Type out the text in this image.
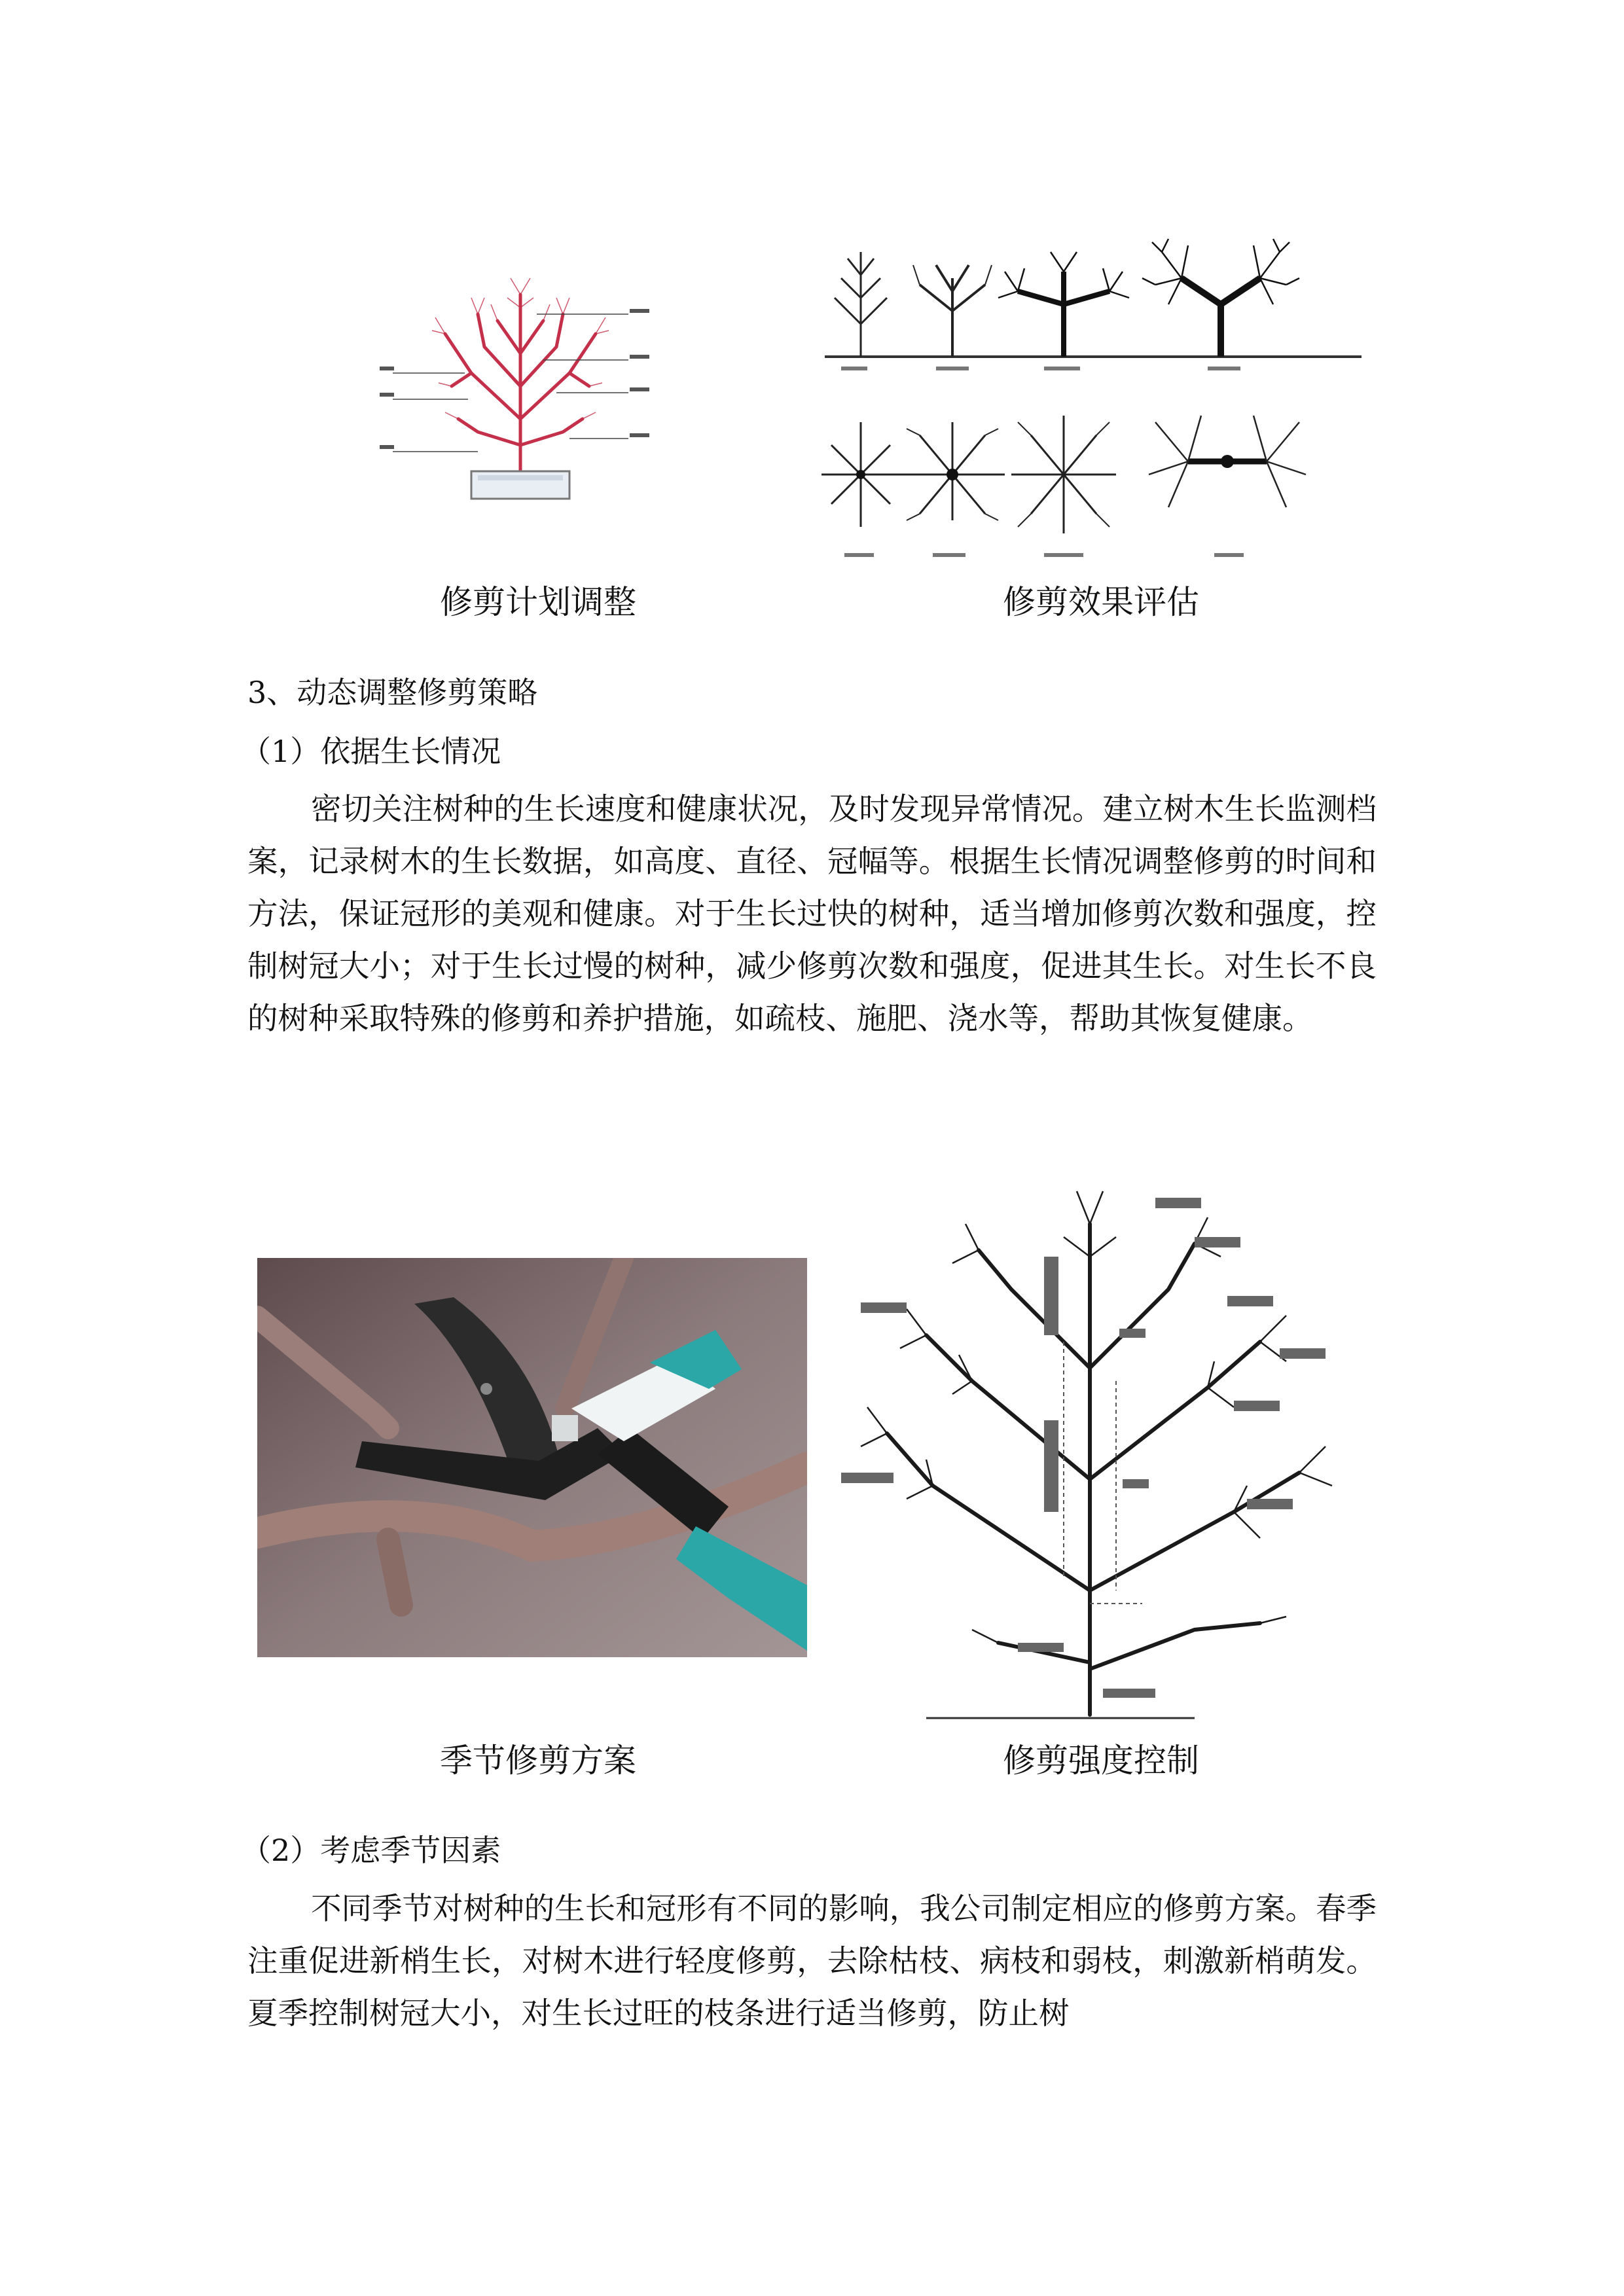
修剪计划调整	修剪效果评估
3、动态调整修剪策略
（1）依据生长情况
密切关注树种的生长速度和健康状况，及时发现异常情况。建立树木生长监测档案，记录树木的生长数据，如高度、直径、冠幅等。根据生长情况调整修剪的时间和方法，保证冠形的美观和健康。对于生长过快的树种，适当增加修剪次数和强度，控制树冠大小；对于生长过慢的树种，减少修剪次数和强度，促进其生长。对生长不良的树种采取特殊的修剪和养护措施，如疏枝、施肥、浇水等，帮助其恢复健康。
季节修剪方案	修剪强度控制
（2）考虑季节因素
不同季节对树种的生长和冠形有不同的影响，我公司制定相应的修剪方案。春季注重促进新梢生长，对树木进行轻度修剪，去除枯枝、病枝和弱枝，刺激新梢萌发。夏季控制树冠大小，对生长过旺的枝条进行适当修剪，防止树
